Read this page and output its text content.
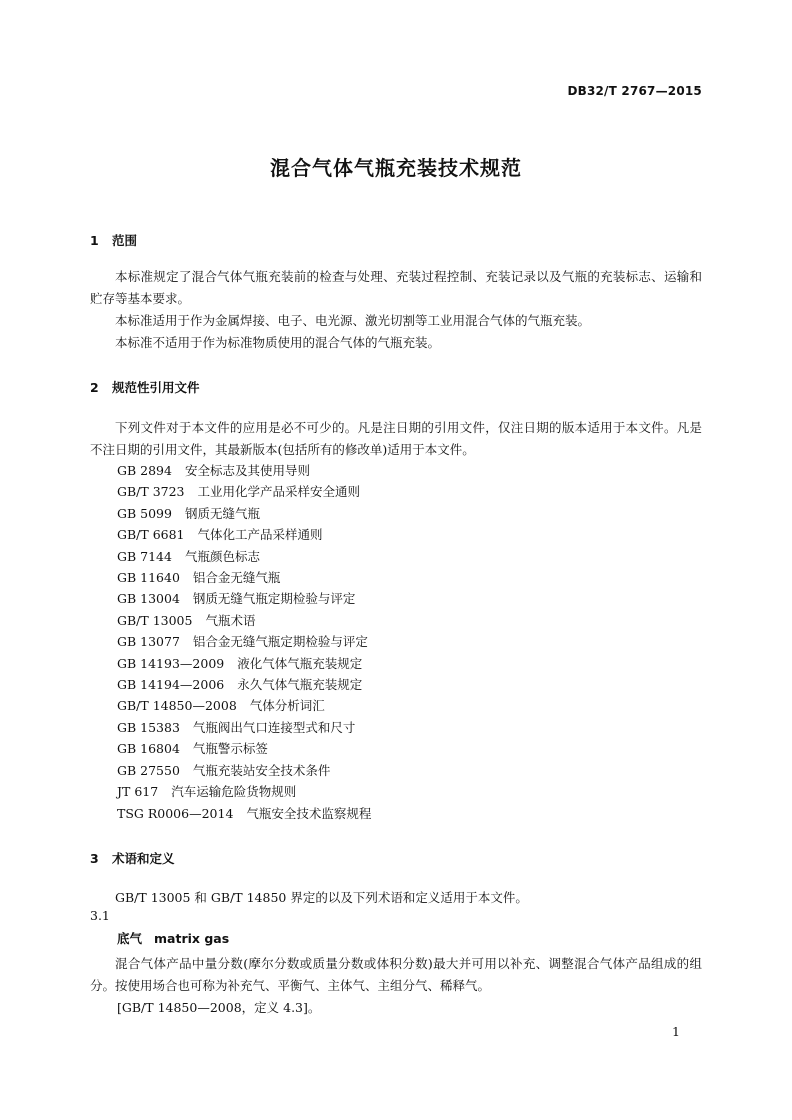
DB32/T 2767—2015
混合气体气瓶充装技术规范
1 范围

本标准规定了混合气体气瓶充装前的检查与处理、充装过程控制、充装记录以及气瓶的充装标志、运输和贮存等基本要求。

本标准适用于作为金属焊接、电子、电光源、激光切割等工业用混合气体的气瓶充装。

本标准不适用于作为标准物质使用的混合气体的气瓶充装。

2 规范性引用文件

下列文件对于本文件的应用是必不可少的。凡是注日期的引用文件，仅注日期的版本适用于本文件。凡是不注日期的引用文件，其最新版本(包括所有的修改单)适用于本文件。

GB 2894 安全标志及其使用导则
GB/T 3723 工业用化学产品采样安全通则
GB 5099 钢质无缝气瓶
GB/T 6681 气体化工产品采样通则
GB 7144 气瓶颜色标志
GB 11640 铝合金无缝气瓶
GB 13004 钢质无缝气瓶定期检验与评定
GB/T 13005 气瓶术语
GB 13077 铝合金无缝气瓶定期检验与评定
GB 14193—2009 液化气体气瓶充装规定
GB 14194—2006 永久气体气瓶充装规定
GB/T 14850—2008 气体分析词汇
GB 15383 气瓶阀出气口连接型式和尺寸
GB 16804 气瓶警示标签
GB 27550 气瓶充装站安全技术条件
JT 617 汽车运输危险货物规则
TSG R0006—2014 气瓶安全技术监察规程
3 术语和定义

GB/T 13005 和 GB/T 14850 界定的以及下列术语和定义适用于本文件。

3.1
底气 matrix gas

混合气体产品中量分数(摩尔分数或质量分数或体积分数)最大并可用以补充、调整混合气体产品组成的组分。按使用场合也可称为补充气、平衡气、主体气、主组分气、稀释气。

[GB/T 14850—2008，定义 4.3]。
1
